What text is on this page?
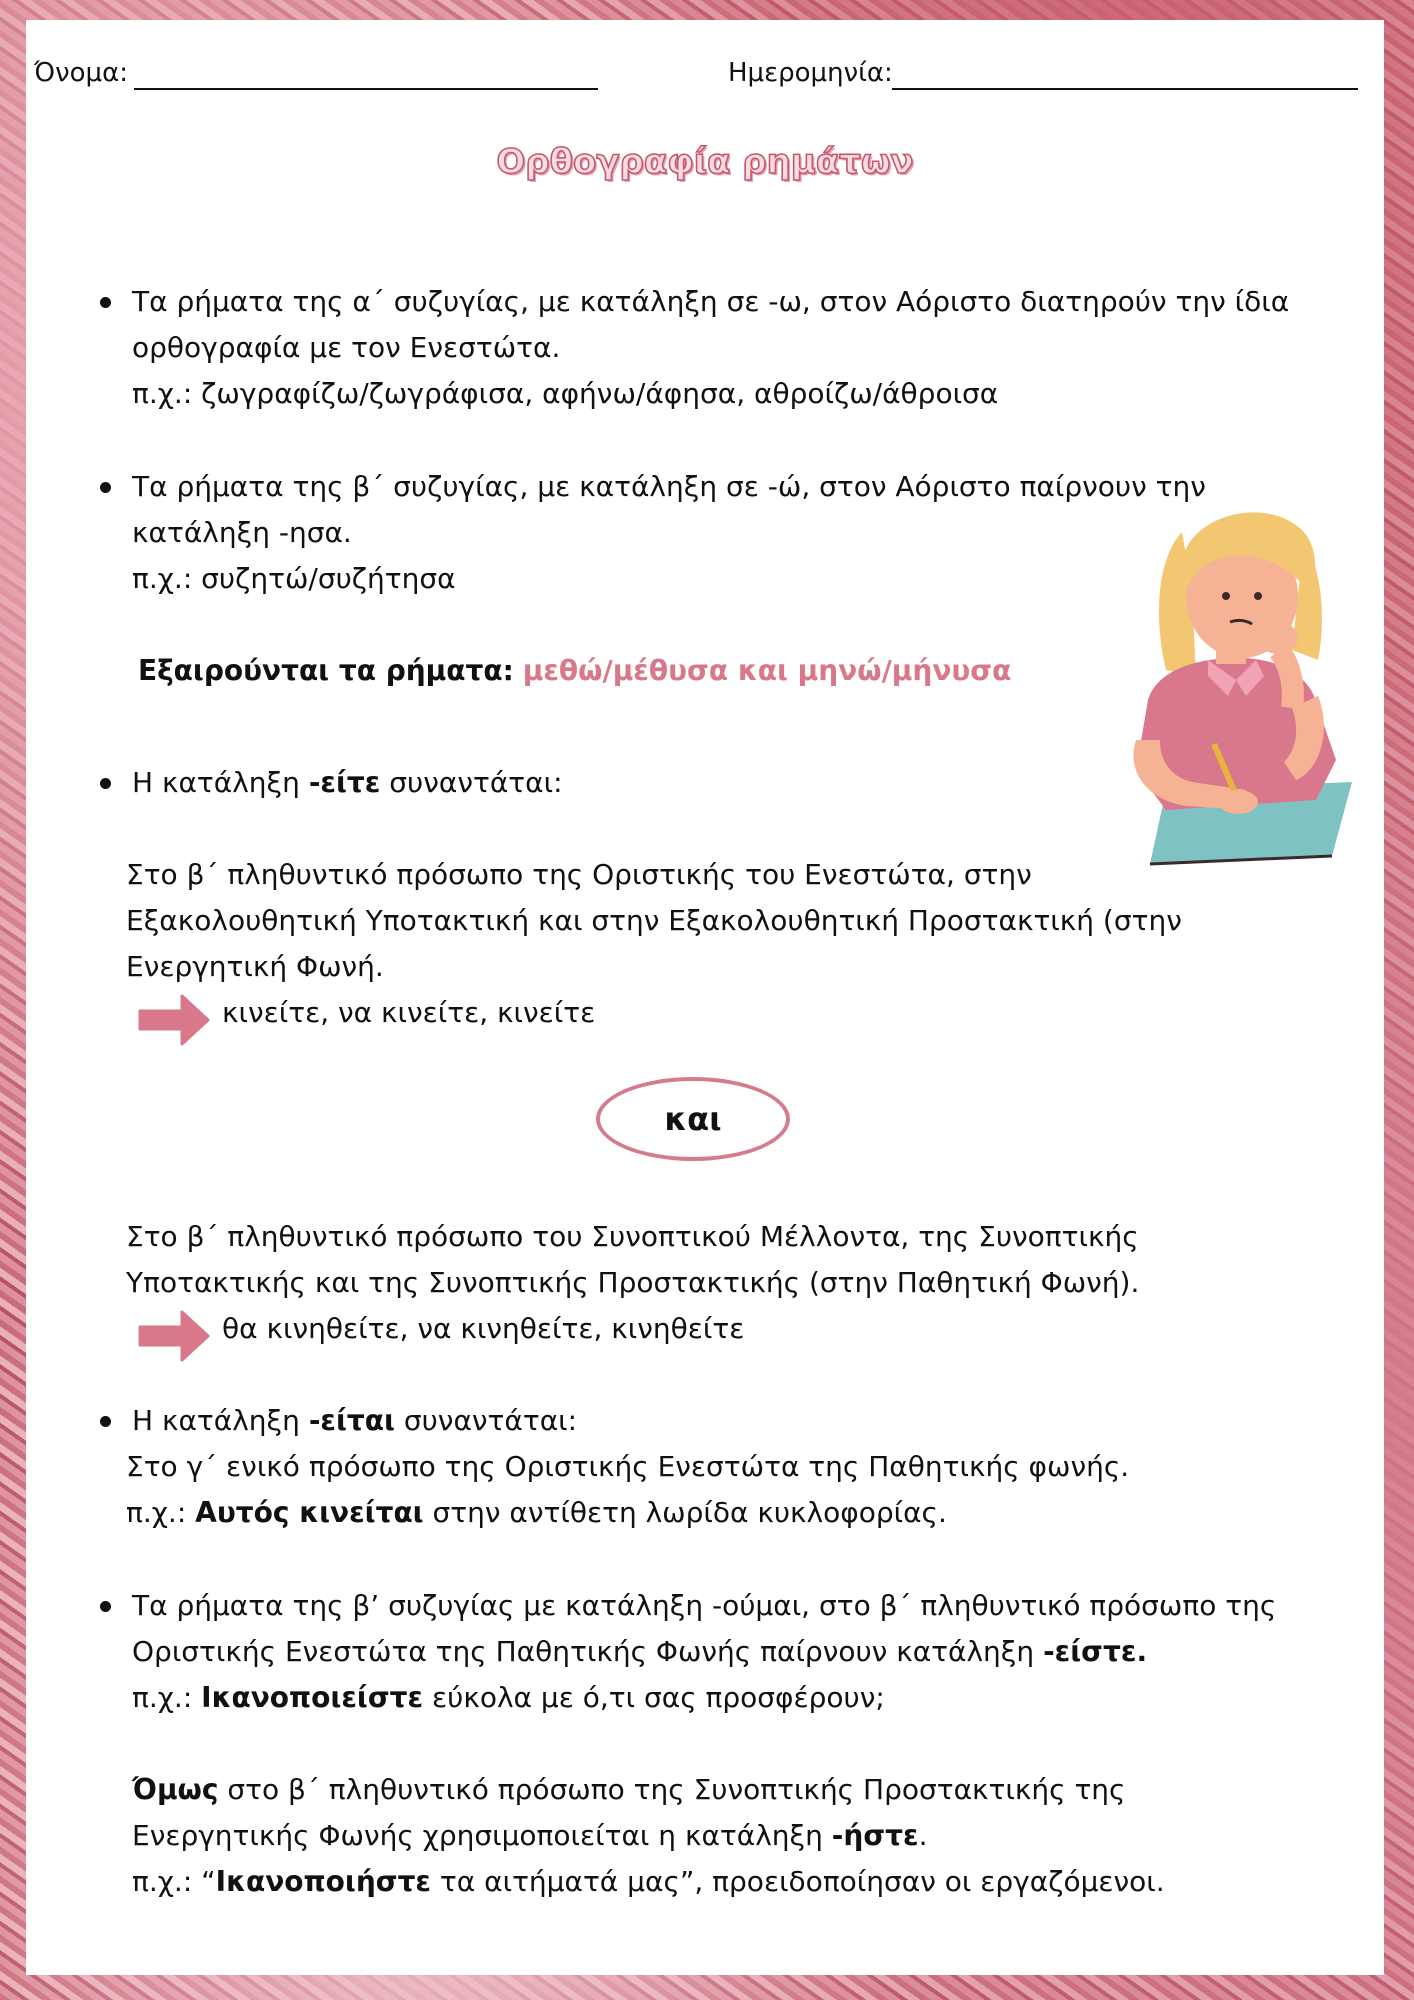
Όνομα:	Ημερομηνία:
Ορθογραφία ρημάτων
Τα ρήματα της α΄ συζυγίας, με κατάληξη σε -ω, στον Αόριστο διατηρούν την ίδια
ορθογραφία με τον Ενεστώτα.
π.χ.: ζωγραφίζω/ζωγράφισα, αφήνω/άφησα, αθροίζω/άθροισα
Τα ρήματα της β΄ συζυγίας, με κατάληξη σε -ώ, στον Αόριστο παίρνουν την
κατάληξη -ησα.
π.χ.: συζητώ/συζήτησα
Εξαιρούνται τα ρήματα: μεθώ/μέθυσα και μηνώ/μήνυσα
Η κατάληξη -είτε συναντάται:
Στο β΄ πληθυντικό πρόσωπο της Οριστικής του Ενεστώτα, στην
Εξακολουθητική Υποτακτική και στην Εξακολουθητική Προστακτική (στην
Ενεργητική Φωνή.
κινείτε, να κινείτε, κινείτε
και
Στο β΄ πληθυντικό πρόσωπο του Συνοπτικού Μέλλοντα, της Συνοπτικής
Υποτακτικής και της Συνοπτικής Προστακτικής (στην Παθητική Φωνή).
θα κινηθείτε, να κινηθείτε, κινηθείτε
Η κατάληξη -είται συναντάται:
Στο γ΄ ενικό πρόσωπο της Οριστικής Ενεστώτα της Παθητικής φωνής.
π.χ.: Αυτός κινείται στην αντίθετη λωρίδα κυκλοφορίας.
Τα ρήματα της β’ συζυγίας με κατάληξη -ούμαι, στο β΄ πληθυντικό πρόσωπο της
Οριστικής Ενεστώτα της Παθητικής Φωνής παίρνουν κατάληξη -είστε.
π.χ.: Ικανοποιείστε εύκολα με ό,τι σας προσφέρουν;
Όμως στο β΄ πληθυντικό πρόσωπο της Συνοπτικής Προστακτικής της
Ενεργητικής Φωνής χρησιμοποιείται η κατάληξη -ήστε.
π.χ.: “Ικανοποιήστε τα αιτήματά μας”, προειδοποίησαν οι εργαζόμενοι.
